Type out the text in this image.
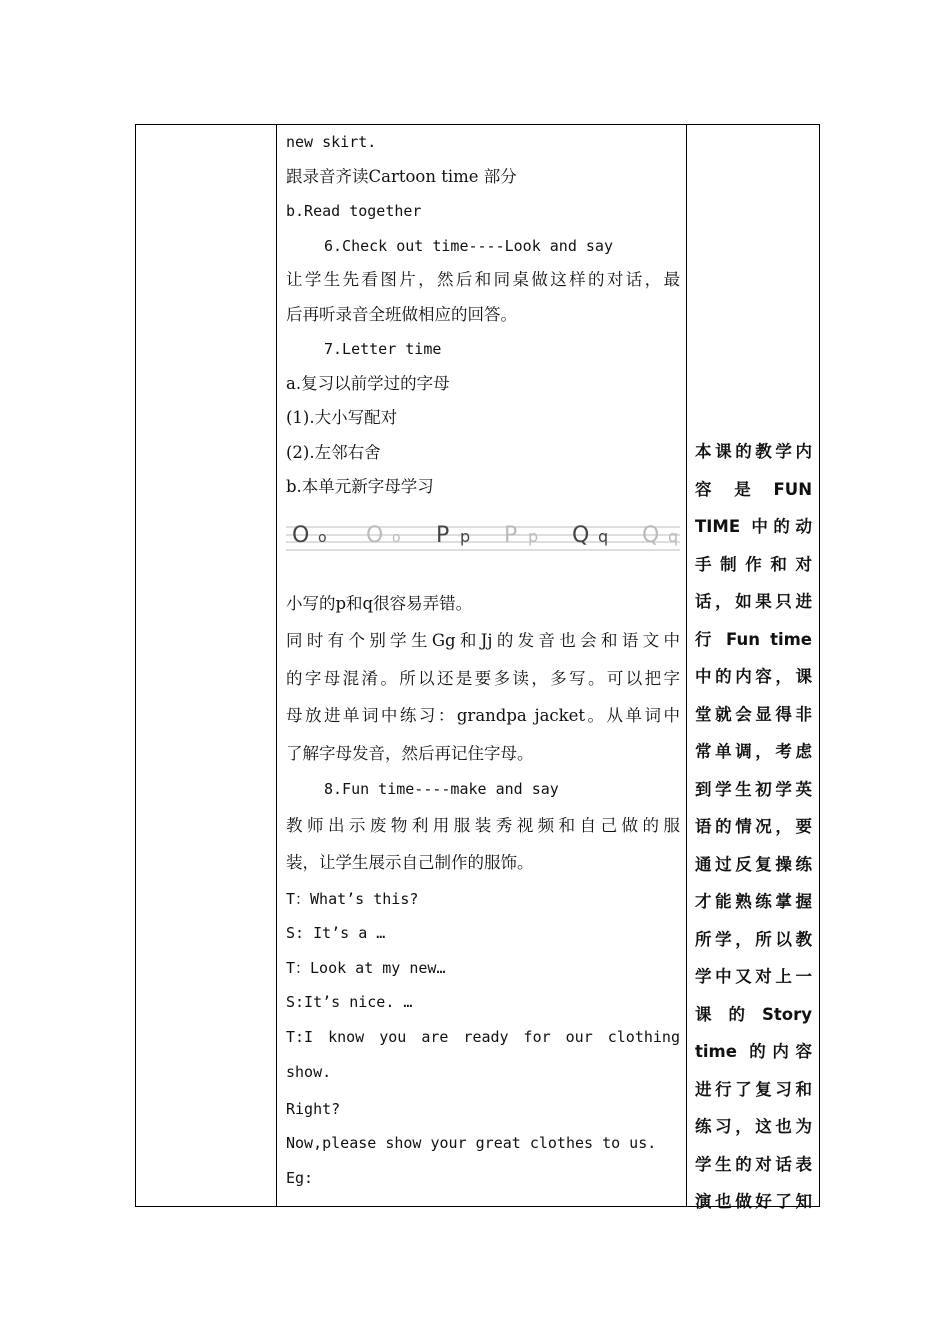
new skirt.
跟录音齐读Cartoon time 部分
b.Read together
6.Check out time----Look and say
让学生先看图片，然后和同桌做这样的对话，最
后再听录音全班做相应的回答。
7.Letter time
a.复习以前学过的字母
(1).大小写配对
(2).左邻右舍
b.本单元新字母学习
O o O o P p P p Q q Q q
小写的p和q很容易弄错。
同时有个别学生Gg和Jj的发音也会和语文中
的字母混淆。所以还是要多读，多写。可以把字
母放进单词中练习：grandpa jacket。从单词中
了解字母发音，然后再记住字母。
8.Fun time----make and say
教师出示废物利用服装秀视频和自己做的服
装，让学生展示自己制作的服饰。
T：What’s this?
S: It’s a …
T：Look at my new…
S:It’s nice. …
T:I know you are ready for our clothing
show.
Right?
Now,please show your great clothes to us.
Eg:
本课的教学内
容 是 FUN
TIME 中的动
手制作和对
话，如果只进
行 Fun time
中的内容，课
堂就会显得非
常单调，考虑
到学生初学英
语的情况，要
通过反复操练
才能熟练掌握
所学，所以教
学中又对上一
课 的 Story
time 的内容
进行了复习和
练习，这也为
学生的对话表
演也做好了知
